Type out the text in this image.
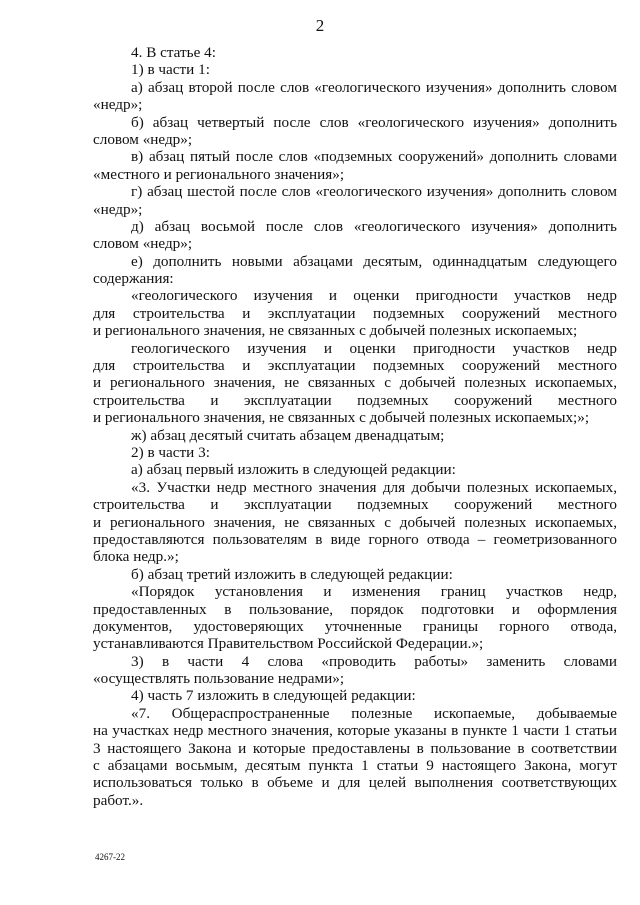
2
4. В статье 4:
1) в части 1:
а) абзац второй после слов «геологического изучения» дополнить словом
«недр»;
б) абзац четвертый после слов «геологического изучения» дополнить
словом «недр»;
в) абзац пятый после слов «подземных сооружений» дополнить словами
«местного и регионального значения»;
г) абзац шестой после слов «геологического изучения» дополнить словом
«недр»;
д) абзац восьмой после слов «геологического изучения» дополнить
словом «недр»;
е) дополнить новыми абзацами десятым, одиннадцатым следующего
содержания:
«геологического изучения и оценки пригодности участков недр
для строительства и эксплуатации подземных сооружений местного
и регионального значения, не связанных с добычей полезных ископаемых;
геологического изучения и оценки пригодности участков недр
для строительства и эксплуатации подземных сооружений местного
и регионального значения, не связанных с добычей полезных ископаемых,
строительства и эксплуатации подземных сооружений местного
и регионального значения, не связанных с добычей полезных ископаемых;»;
ж) абзац десятый считать абзацем двенадцатым;
2) в части 3:
а) абзац первый изложить в следующей редакции:
«3. Участки недр местного значения для добычи полезных ископаемых,
строительства и эксплуатации подземных сооружений местного
и регионального значения, не связанных с добычей полезных ископаемых,
предоставляются пользователям в виде горного отвода – геометризованного
блока недр.»;
б) абзац третий изложить в следующей редакции:
«Порядок установления и изменения границ участков недр,
предоставленных в пользование, порядок подготовки и оформления
документов, удостоверяющих уточненные границы горного отвода,
устанавливаются Правительством Российской Федерации.»;
3) в части 4 слова «проводить работы» заменить словами
«осуществлять пользование недрами»;
4) часть 7 изложить в следующей редакции:
«7. Общераспространенные полезные ископаемые, добываемые
на участках недр местного значения, которые указаны в пункте 1 части 1 статьи
3 настоящего Закона и которые предоставлены в пользование в соответствии
с абзацами восьмым, десятым пункта 1 статьи 9 настоящего Закона, могут
использоваться только в объеме и для целей выполнения соответствующих
работ.».
4267-22
